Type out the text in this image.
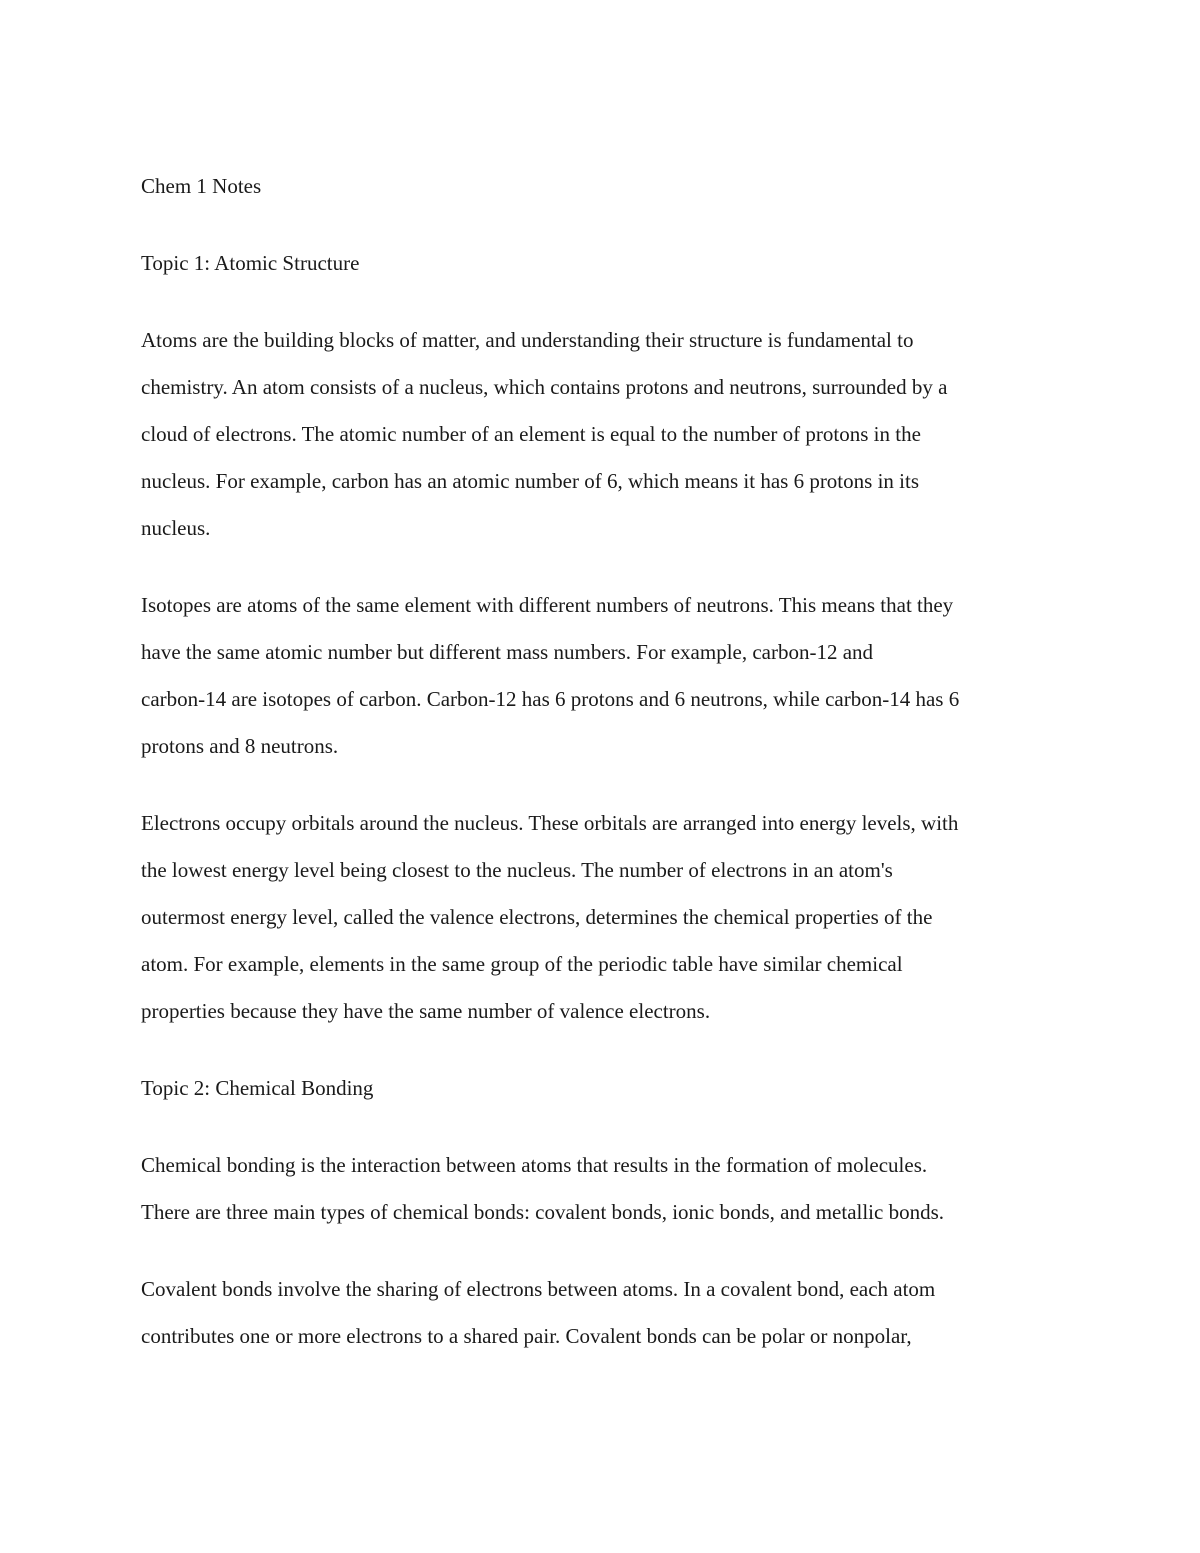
Chem 1 Notes
Topic 1: Atomic Structure
Atoms are the building blocks of matter, and understanding their structure is fundamental to
chemistry. An atom consists of a nucleus, which contains protons and neutrons, surrounded by a
cloud of electrons. The atomic number of an element is equal to the number of protons in the
nucleus. For example, carbon has an atomic number of 6, which means it has 6 protons in its
nucleus.
Isotopes are atoms of the same element with different numbers of neutrons. This means that they
have the same atomic number but different mass numbers. For example, carbon-12 and
carbon-14 are isotopes of carbon. Carbon-12 has 6 protons and 6 neutrons, while carbon-14 has 6
protons and 8 neutrons.
Electrons occupy orbitals around the nucleus. These orbitals are arranged into energy levels, with
the lowest energy level being closest to the nucleus. The number of electrons in an atom's
outermost energy level, called the valence electrons, determines the chemical properties of the
atom. For example, elements in the same group of the periodic table have similar chemical
properties because they have the same number of valence electrons.
Topic 2: Chemical Bonding
Chemical bonding is the interaction between atoms that results in the formation of molecules.
There are three main types of chemical bonds: covalent bonds, ionic bonds, and metallic bonds.
Covalent bonds involve the sharing of electrons between atoms. In a covalent bond, each atom
contributes one or more electrons to a shared pair. Covalent bonds can be polar or nonpolar,
